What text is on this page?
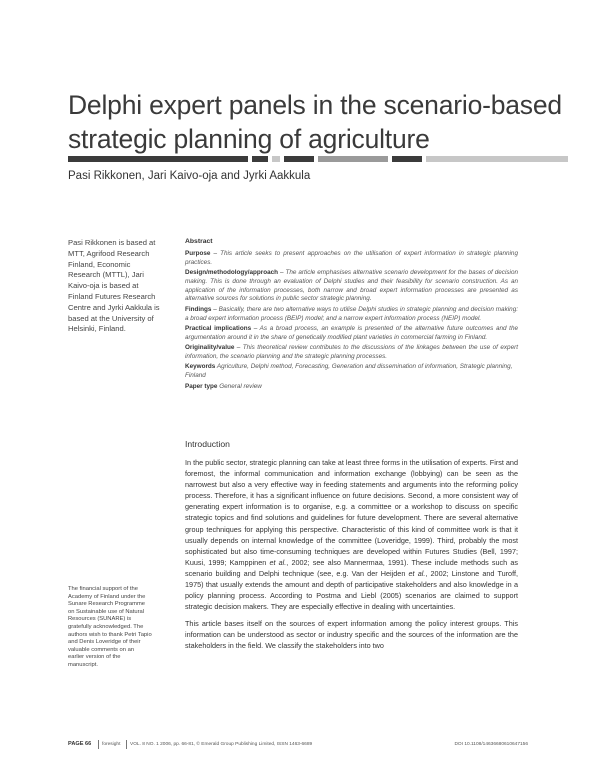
Delphi expert panels in the scenario-based
strategic planning of agriculture
Pasi Rikkonen, Jari Kaivo-oja and Jyrki Aakkula
Pasi Rikkonen is based at
MTT, Agrifood Research
Finland, Economic
Research (MTTL), Jari
Kaivo-oja is based at
Finland Futures Research
Centre and Jyrki Aakkula is
based at the University of
Helsinki, Finland.
Abstract

Purpose – This article seeks to present approaches on the utilisation of expert information in strategic planning practices.

Design/methodology/approach – The article emphasises alternative scenario development for the bases of decision making. This is done through an evaluation of Delphi studies and their feasibility for scenario construction. As an application of the information processes, both narrow and broad expert information processes are presented as alternative sources for solutions in public sector strategic planning.

Findings – Basically, there are two alternative ways to utilise Delphi studies in strategic planning and decision making: a broad expert information process (BEIP) model; and a narrow expert information process (NEIP) model.

Practical implications – As a broad process, an example is presented of the alternative future outcomes and the argumentation around it in the share of genetically modified plant varieties in commercial farming in Finland.

Originality/value – This theoretical review contributes to the discussions of the linkages between the use of expert information, the scenario planning and the strategic planning processes.

Keywords Agriculture, Delphi method, Forecasting, Generation and dissemination of information, Strategic planning, Finland

Paper type General review

Introduction

In the public sector, strategic planning can take at least three forms in the utilisation of experts. First and foremost, the informal communication and information exchange (lobbying) can be seen as the narrowest but also a very effective way in feeding statements and arguments into the reforming policy process. Therefore, it has a significant influence on future decisions. Second, a more consistent way of generating expert information is to organise, e.g. a committee or a workshop to discuss on specific strategic topics and find solutions and guidelines for future development. There are several alternative group techniques for applying this perspective. Characteristic of this kind of committee work is that it usually depends on internal knowledge of the committee (Loveridge, 1999). Third, probably the most sophisticated but also time-consuming techniques are developed within Futures Studies (Bell, 1997; Kuusi, 1999; Kamppinen et al., 2002; see also Mannermaa, 1991). These include methods such as scenario building and Delphi technique (see, e.g. Van der Heijden et al., 2002; Linstone and Turoff, 1975) that usually extends the amount and depth of participative stakeholders and also knowledge in a policy planning process. According to Postma and Liebl (2005) scenarios are claimed to support strategic decision makers. They are especially effective in dealing with uncertainties.

This article bases itself on the sources of expert information among the policy interest groups. This information can be understood as sector or industry specific and the sources of the information are the stakeholders in the field. We classify the stakeholders into two

The financial support of the
Academy of Finland under the
Sunare Research Programme
on Sustainable use of Natural
Resources (SUNARE) is
gratefully acknowledged. The
authors wish to thank Petri Tapio
and Denis Loveridge of their
valuable comments on an
earlier version of the
manuscript.
PAGE 66 foresight VOL. 8 NO. 1 2006, pp. 66-81, © Emerald Group Publishing Limited, ISSN 1463-6689	DOI 10.1108/14636680610647156
